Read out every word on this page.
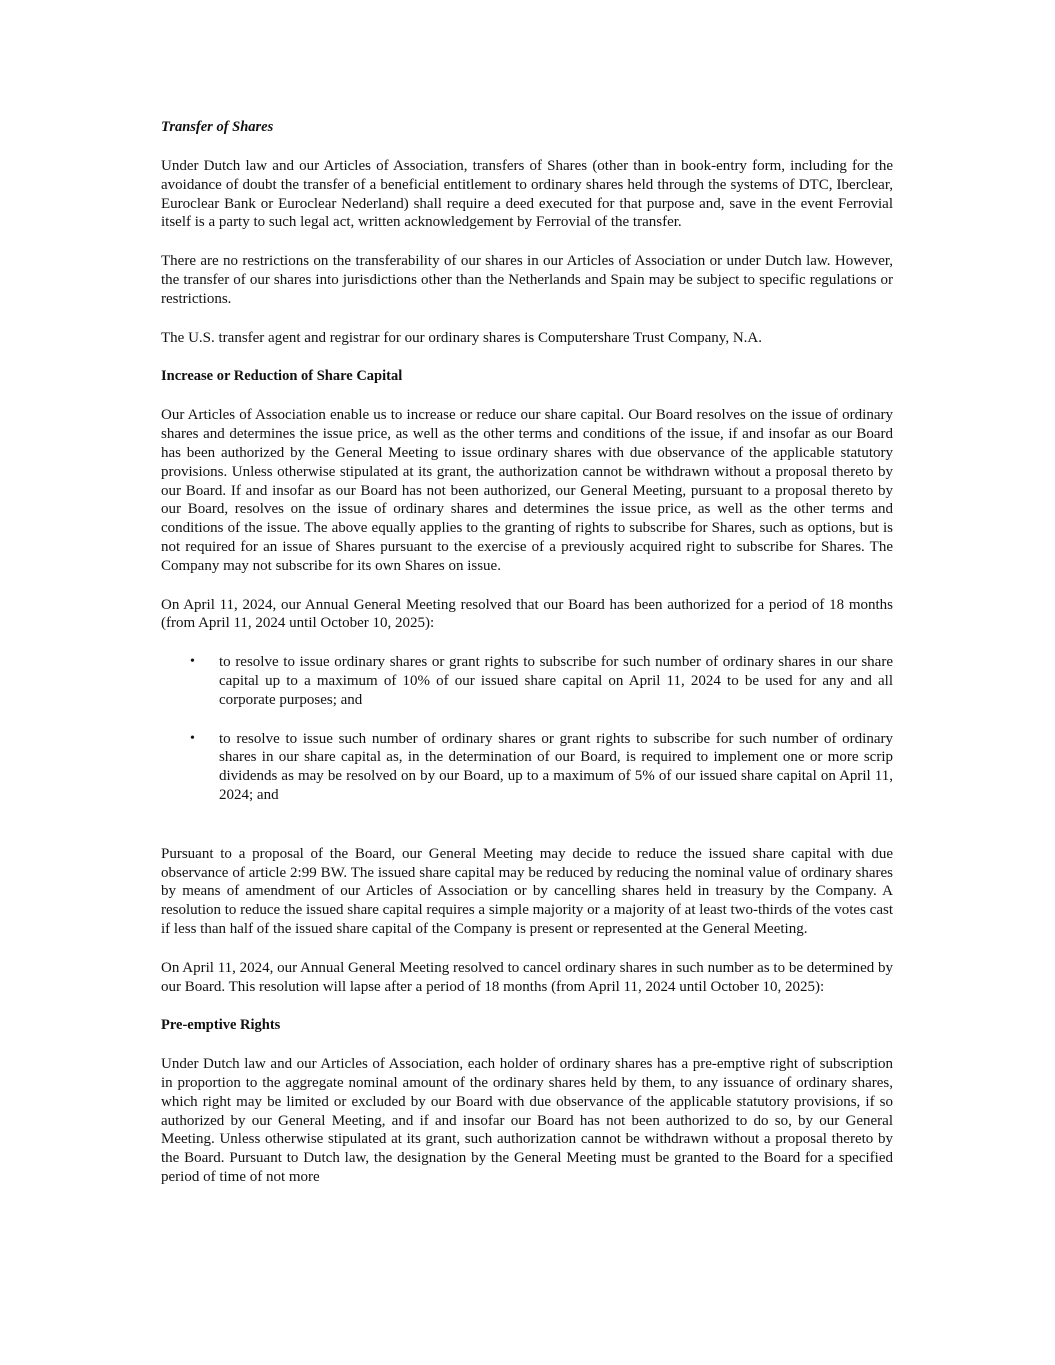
Transfer of Shares

Under Dutch law and our Articles of Association, transfers of Shares (other than in book-entry form, including for the avoidance of doubt the transfer of a beneficial entitlement to ordinary shares held through the systems of DTC, Iberclear, Euroclear Bank or Euroclear Nederland) shall require a deed executed for that purpose and, save in the event Ferrovial itself is a party to such legal act, written acknowledgement by Ferrovial of the transfer.

There are no restrictions on the transferability of our shares in our Articles of Association or under Dutch law. However, the transfer of our shares into jurisdictions other than the Netherlands and Spain may be subject to specific regulations or restrictions.

The U.S. transfer agent and registrar for our ordinary shares is Computershare Trust Company, N.A.

Increase or Reduction of Share Capital

Our Articles of Association enable us to increase or reduce our share capital. Our Board resolves on the issue of ordinary shares and determines the issue price, as well as the other terms and conditions of the issue, if and insofar as our Board has been authorized by the General Meeting to issue ordinary shares with due observance of the applicable statutory provisions. Unless otherwise stipulated at its grant, the authorization cannot be withdrawn without a proposal thereto by our Board. If and insofar as our Board has not been authorized, our General Meeting, pursuant to a proposal thereto by our Board, resolves on the issue of ordinary shares and determines the issue price, as well as the other terms and conditions of the issue. The above equally applies to the granting of rights to subscribe for Shares, such as options, but is not required for an issue of Shares pursuant to the exercise of a previously acquired right to subscribe for Shares. The Company may not subscribe for its own Shares on issue.

On April 11, 2024, our Annual General Meeting resolved that our Board has been authorized for a period of 18 months (from April 11, 2024 until October 10, 2025):

• to resolve to issue ordinary shares or grant rights to subscribe for such number of ordinary shares in our share capital up to a maximum of 10% of our issued share capital on April 11, 2024 to be used for any and all corporate purposes; and
• to resolve to issue such number of ordinary shares or grant rights to subscribe for such number of ordinary shares in our share capital as, in the determination of our Board, is required to implement one or more scrip dividends as may be resolved on by our Board, up to a maximum of 5% of our issued share capital on April 11, 2024; and

Pursuant to a proposal of the Board, our General Meeting may decide to reduce the issued share capital with due observance of article 2:99 BW. The issued share capital may be reduced by reducing the nominal value of ordinary shares by means of amendment of our Articles of Association or by cancelling shares held in treasury by the Company. A resolution to reduce the issued share capital requires a simple majority or a majority of at least two-thirds of the votes cast if less than half of the issued share capital of the Company is present or represented at the General Meeting.

On April 11, 2024, our Annual General Meeting resolved to cancel ordinary shares in such number as to be determined by our Board. This resolution will lapse after a period of 18 months (from April 11, 2024 until October 10, 2025):

Pre-emptive Rights

Under Dutch law and our Articles of Association, each holder of ordinary shares has a pre-emptive right of subscription in proportion to the aggregate nominal amount of the ordinary shares held by them, to any issuance of ordinary shares, which right may be limited or excluded by our Board with due observance of the applicable statutory provisions, if so authorized by our General Meeting, and if and insofar our Board has not been authorized to do so, by our General Meeting. Unless otherwise stipulated at its grant, such authorization cannot be withdrawn without a proposal thereto by the Board. Pursuant to Dutch law, the designation by the General Meeting must be granted to the Board for a specified period of time of not more
